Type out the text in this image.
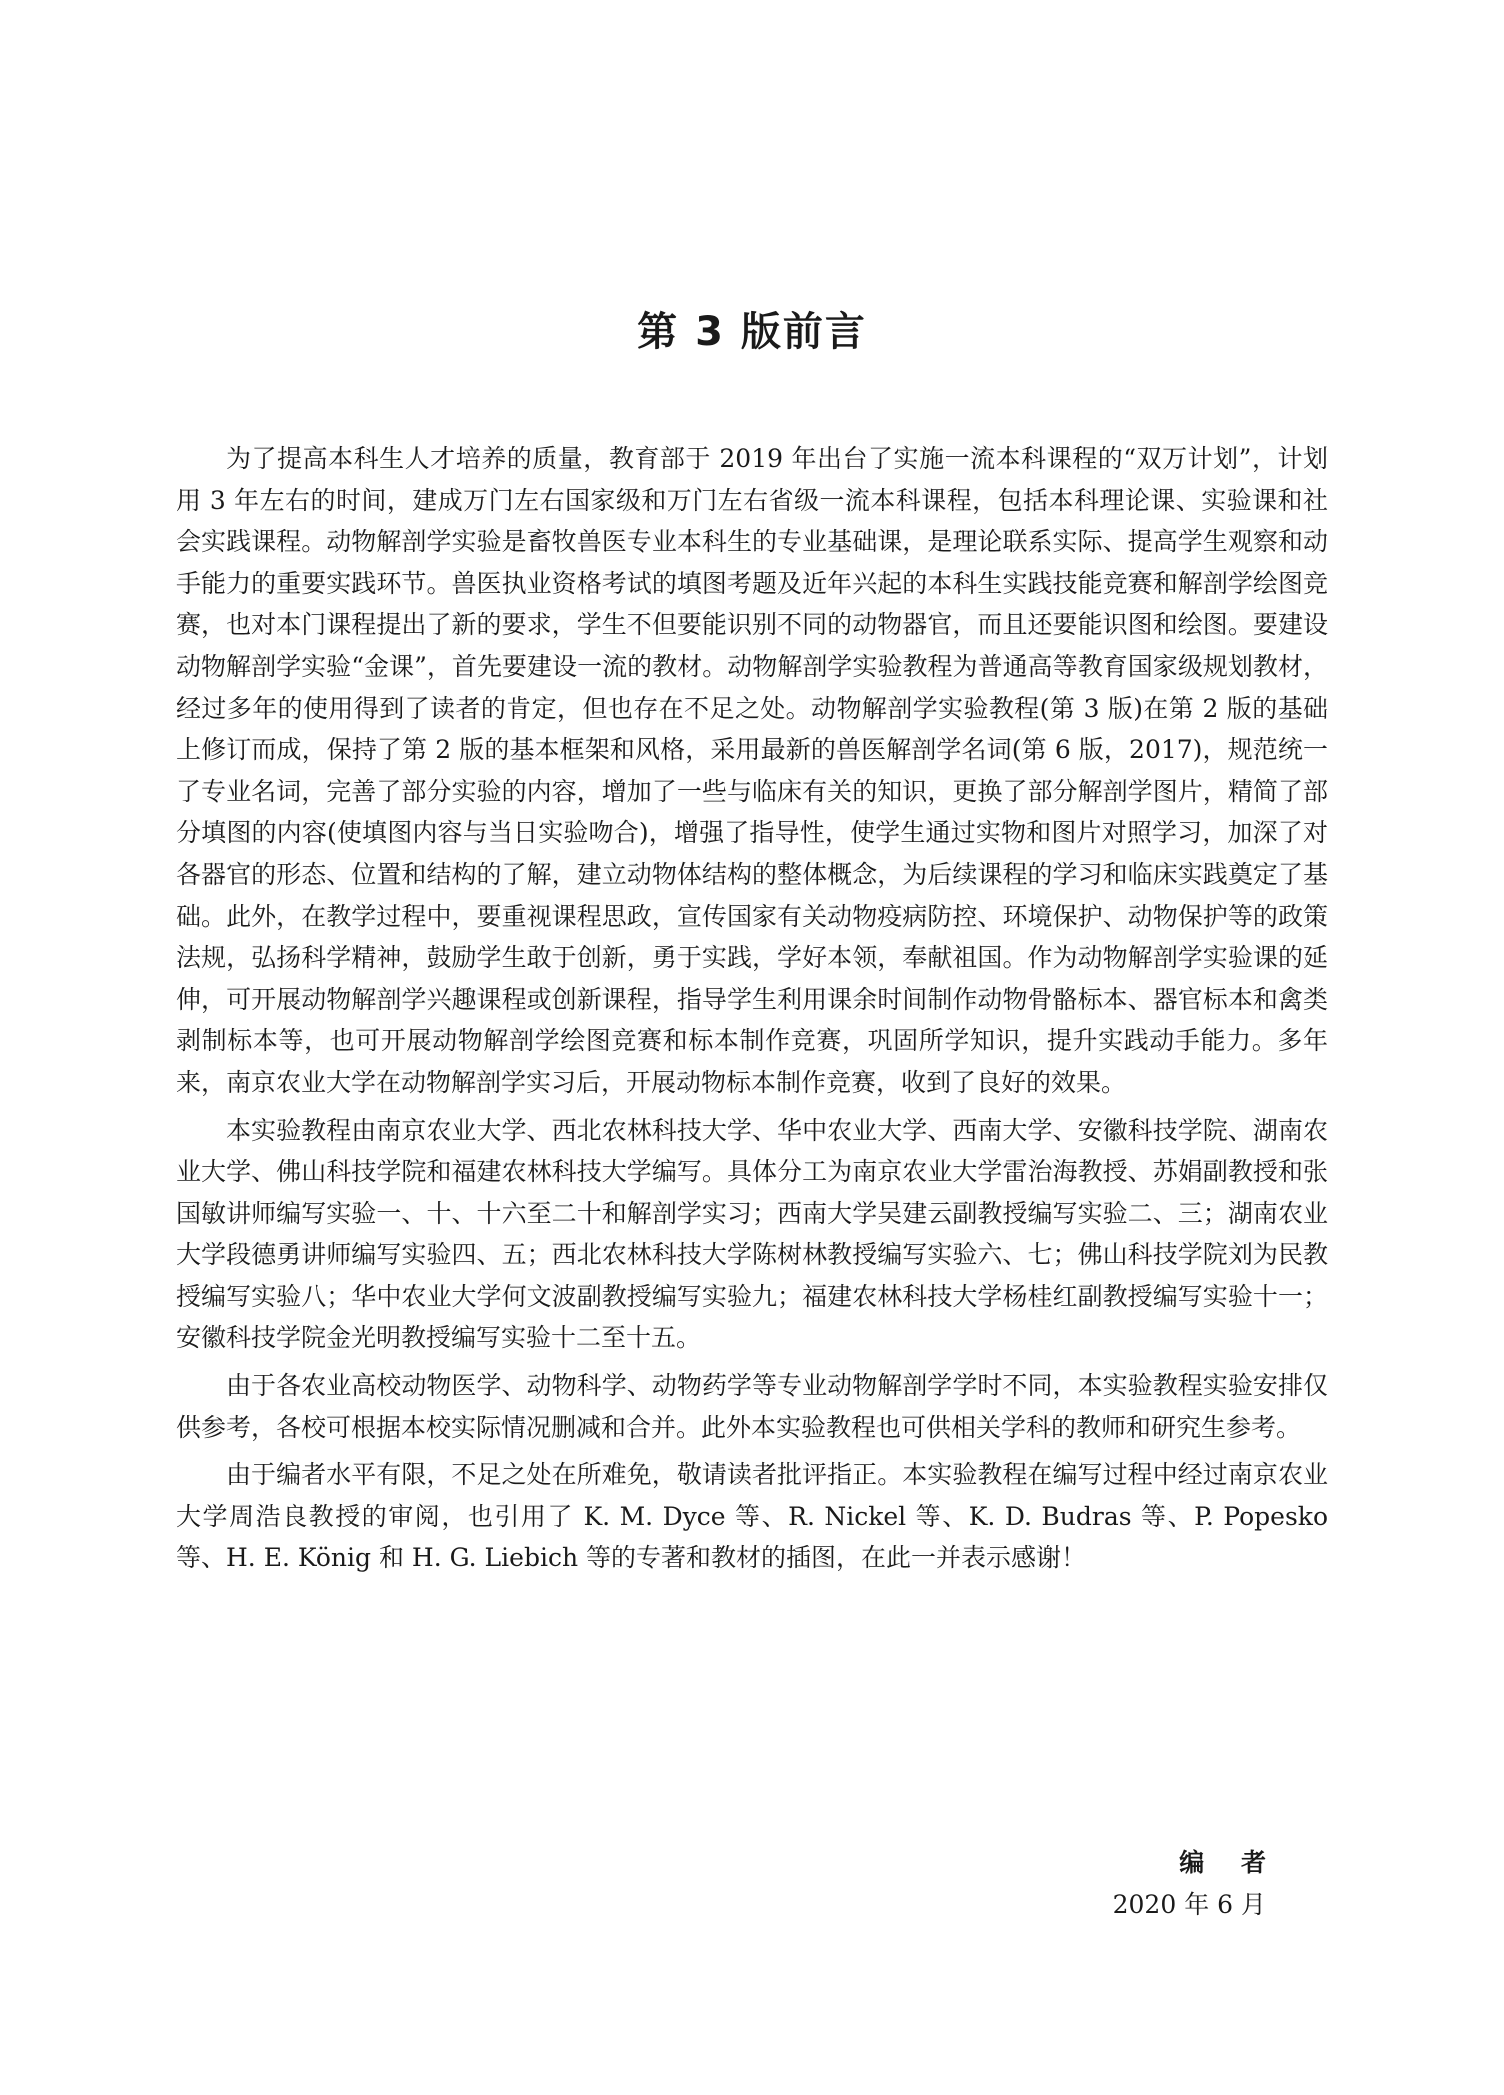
第 3 版前言

为了提高本科生人才培养的质量，教育部于 2019 年出台了实施一流本科课程的“双万计划”，计划用 3 年左右的时间，建成万门左右国家级和万门左右省级一流本科课程，包括本科理论课、实验课和社会实践课程。动物解剖学实验是畜牧兽医专业本科生的专业基础课，是理论联系实际、提高学生观察和动手能力的重要实践环节。兽医执业资格考试的填图考题及近年兴起的本科生实践技能竞赛和解剖学绘图竞赛，也对本门课程提出了新的要求，学生不但要能识别不同的动物器官，而且还要能识图和绘图。要建设动物解剖学实验“金课”，首先要建设一流的教材。动物解剖学实验教程为普通高等教育国家级规划教材，经过多年的使用得到了读者的肯定，但也存在不足之处。动物解剖学实验教程(第 3 版)在第 2 版的基础上修订而成，保持了第 2 版的基本框架和风格，采用最新的兽医解剖学名词(第 6 版，2017)，规范统一了专业名词，完善了部分实验的内容，增加了一些与临床有关的知识，更换了部分解剖学图片，精简了部分填图的内容(使填图内容与当日实验吻合)，增强了指导性，使学生通过实物和图片对照学习，加深了对各器官的形态、位置和结构的了解，建立动物体结构的整体概念，为后续课程的学习和临床实践奠定了基础。此外，在教学过程中，要重视课程思政，宣传国家有关动物疫病防控、环境保护、动物保护等的政策法规，弘扬科学精神，鼓励学生敢于创新，勇于实践，学好本领，奉献祖国。作为动物解剖学实验课的延伸，可开展动物解剖学兴趣课程或创新课程，指导学生利用课余时间制作动物骨骼标本、器官标本和禽类剥制标本等，也可开展动物解剖学绘图竞赛和标本制作竞赛，巩固所学知识，提升实践动手能力。多年来，南京农业大学在动物解剖学实习后，开展动物标本制作竞赛，收到了良好的效果。

本实验教程由南京农业大学、西北农林科技大学、华中农业大学、西南大学、安徽科技学院、湖南农业大学、佛山科技学院和福建农林科技大学编写。具体分工为南京农业大学雷治海教授、苏娟副教授和张国敏讲师编写实验一、十、十六至二十和解剖学实习；西南大学吴建云副教授编写实验二、三；湖南农业大学段德勇讲师编写实验四、五；西北农林科技大学陈树林教授编写实验六、七；佛山科技学院刘为民教授编写实验八；华中农业大学何文波副教授编写实验九；福建农林科技大学杨桂红副教授编写实验十一；安徽科技学院金光明教授编写实验十二至十五。

由于各农业高校动物医学、动物科学、动物药学等专业动物解剖学学时不同，本实验教程实验安排仅供参考，各校可根据本校实际情况删减和合并。此外本实验教程也可供相关学科的教师和研究生参考。

由于编者水平有限，不足之处在所难免，敬请读者批评指正。本实验教程在编写过程中经过南京农业大学周浩良教授的审阅，也引用了 K. M. Dyce 等、R. Nickel 等、K. D. Budras 等、P. Popesko 等、H. E. König 和 H. G. Liebich 等的专著和教材的插图，在此一并表示感谢！

编 者
2020 年 6 月
